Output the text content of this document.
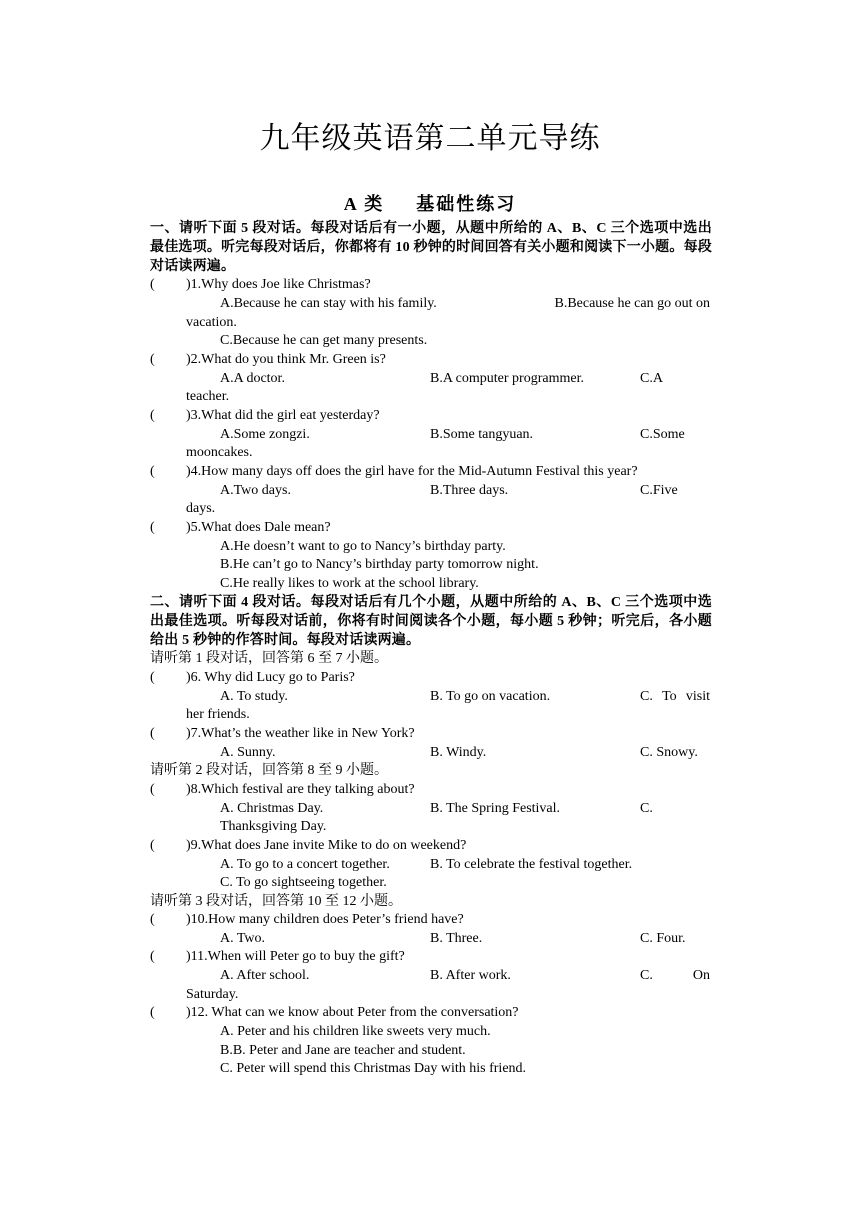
九年级英语第二单元导练
A 类 基础性练习
一、请听下面 5 段对话。每段对话后有一小题，从题中所给的 A、B、C 三个选项中选出最佳选项。听完每段对话后，你都将有 10 秒钟的时间回答有关小题和阅读下一小题。每段对话读两遍。
( )1.Why does Joe like Christmas?
A.Because he can stay with his family.	B.Because he can go out on
vacation.
C.Because he can get many presents.
( )2.What do you think Mr. Green is?
A.A doctor.	B.A computer programmer.	C.A
teacher.
( )3.What did the girl eat yesterday?
A.Some zongzi.	B.Some tangyuan.	C.Some
mooncakes.
( )4.How many days off does the girl have for the Mid-Autumn Festival this year?
A.Two days.	B.Three days.	C.Five
days.
( )5.What does Dale mean?
A.He doesn’t want to go to Nancy’s birthday party.
B.He can’t go to Nancy’s birthday party tomorrow night.
C.He really likes to work at the school library.
二、请听下面 4 段对话。每段对话后有几个小题，从题中所给的 A、B、C 三个选项中选出最佳选项。听每段对话前，你将有时间阅读各个小题，每小题 5 秒钟；听完后，各小题给出 5 秒钟的作答时间。每段对话读两遍。
请听第 1 段对话，回答第 6 至 7 小题。
( )6. Why did Lucy go to Paris?
A. To study.	B. To go on vacation.	C. To visit
her friends.
( )7.What’s the weather like in New York?
A. Sunny.	B. Windy.	C. Snowy.
请听第 2 段对话，回答第 8 至 9 小题。
( )8.Which festival are they talking about?
A. Christmas Day.	B. The Spring Festival.	C.
Thanksgiving Day.
( )9.What does Jane invite Mike to do on weekend?
A. To go to a concert together.	B. To celebrate the festival together.
C. To go sightseeing together.
请听第 3 段对话，回答第 10 至 12 小题。
( )10.How many children does Peter’s friend have?
A. Two.	B. Three.	C. Four.
( )11.When will Peter go to buy the gift?
A. After school.	B. After work.	C.	On
Saturday.
( )12. What can we know about Peter from the conversation?
A. Peter and his children like sweets very much.
B.B. Peter and Jane are teacher and student.
C. Peter will spend this Christmas Day with his friend.
